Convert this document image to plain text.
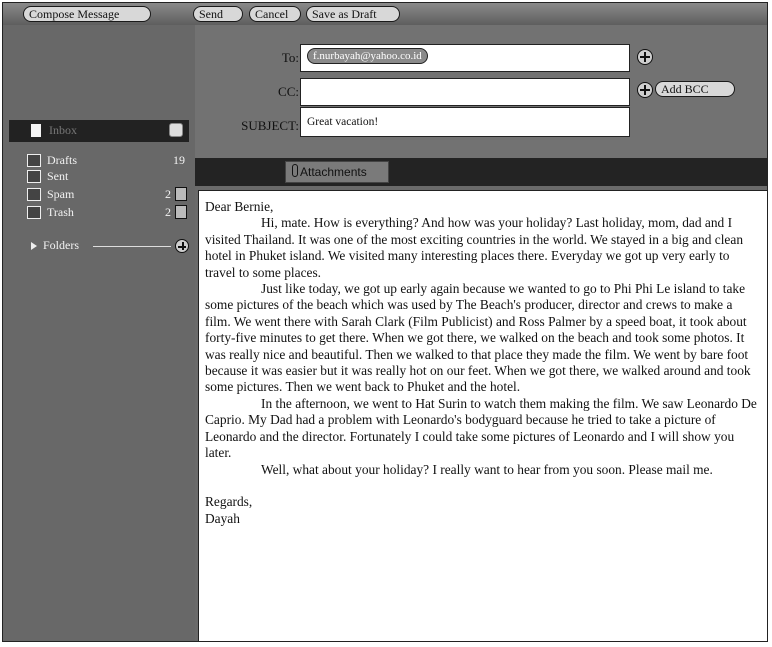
Compose Message	Send	Cancel	Save as Draft
Inbox
Drafts	19
Sent
Spam	2
Trash	2
Folders
To:	f.nurbayah@yahoo.co.id
CC:	Add BCC
SUBJECT: Great vacation!
Attachments

Dear Bernie,

Hi, mate. How is everything? And how was your holiday? Last holiday, mom, dad and I visited Thailand. It was one of the most exciting countries in the world. We stayed in a big and clean hotel in Phuket island. We visited many interesting places there. Everyday we got up very early to travel to some places.

Just like today, we got up early again because we wanted to go to Phi Phi Le island to take some pictures of the beach which was used by The Beach's producer, director and crews to make a film. We went there with Sarah Clark (Film Publicist) and Ross Palmer by a speed boat, it took about forty-five minutes to get there. When we got there, we walked on the beach and took some photos. It was really nice and beautiful. Then we walked to that place they made the film. We went by bare foot because it was easier but it was really hot on our feet. When we got there, we walked around and took some pictures. Then we went back to Phuket and the hotel.

In the afternoon, we went to Hat Surin to watch them making the film. We saw Leonardo De Caprio. My Dad had a problem with Leonardo's bodyguard because he tried to take a picture of Leonardo and the director. Fortunately I could take some pictures of Leonardo and I will show you later.

Well, what about your holiday? I really want to hear from you soon. Please mail me.

Regards,

Dayah
